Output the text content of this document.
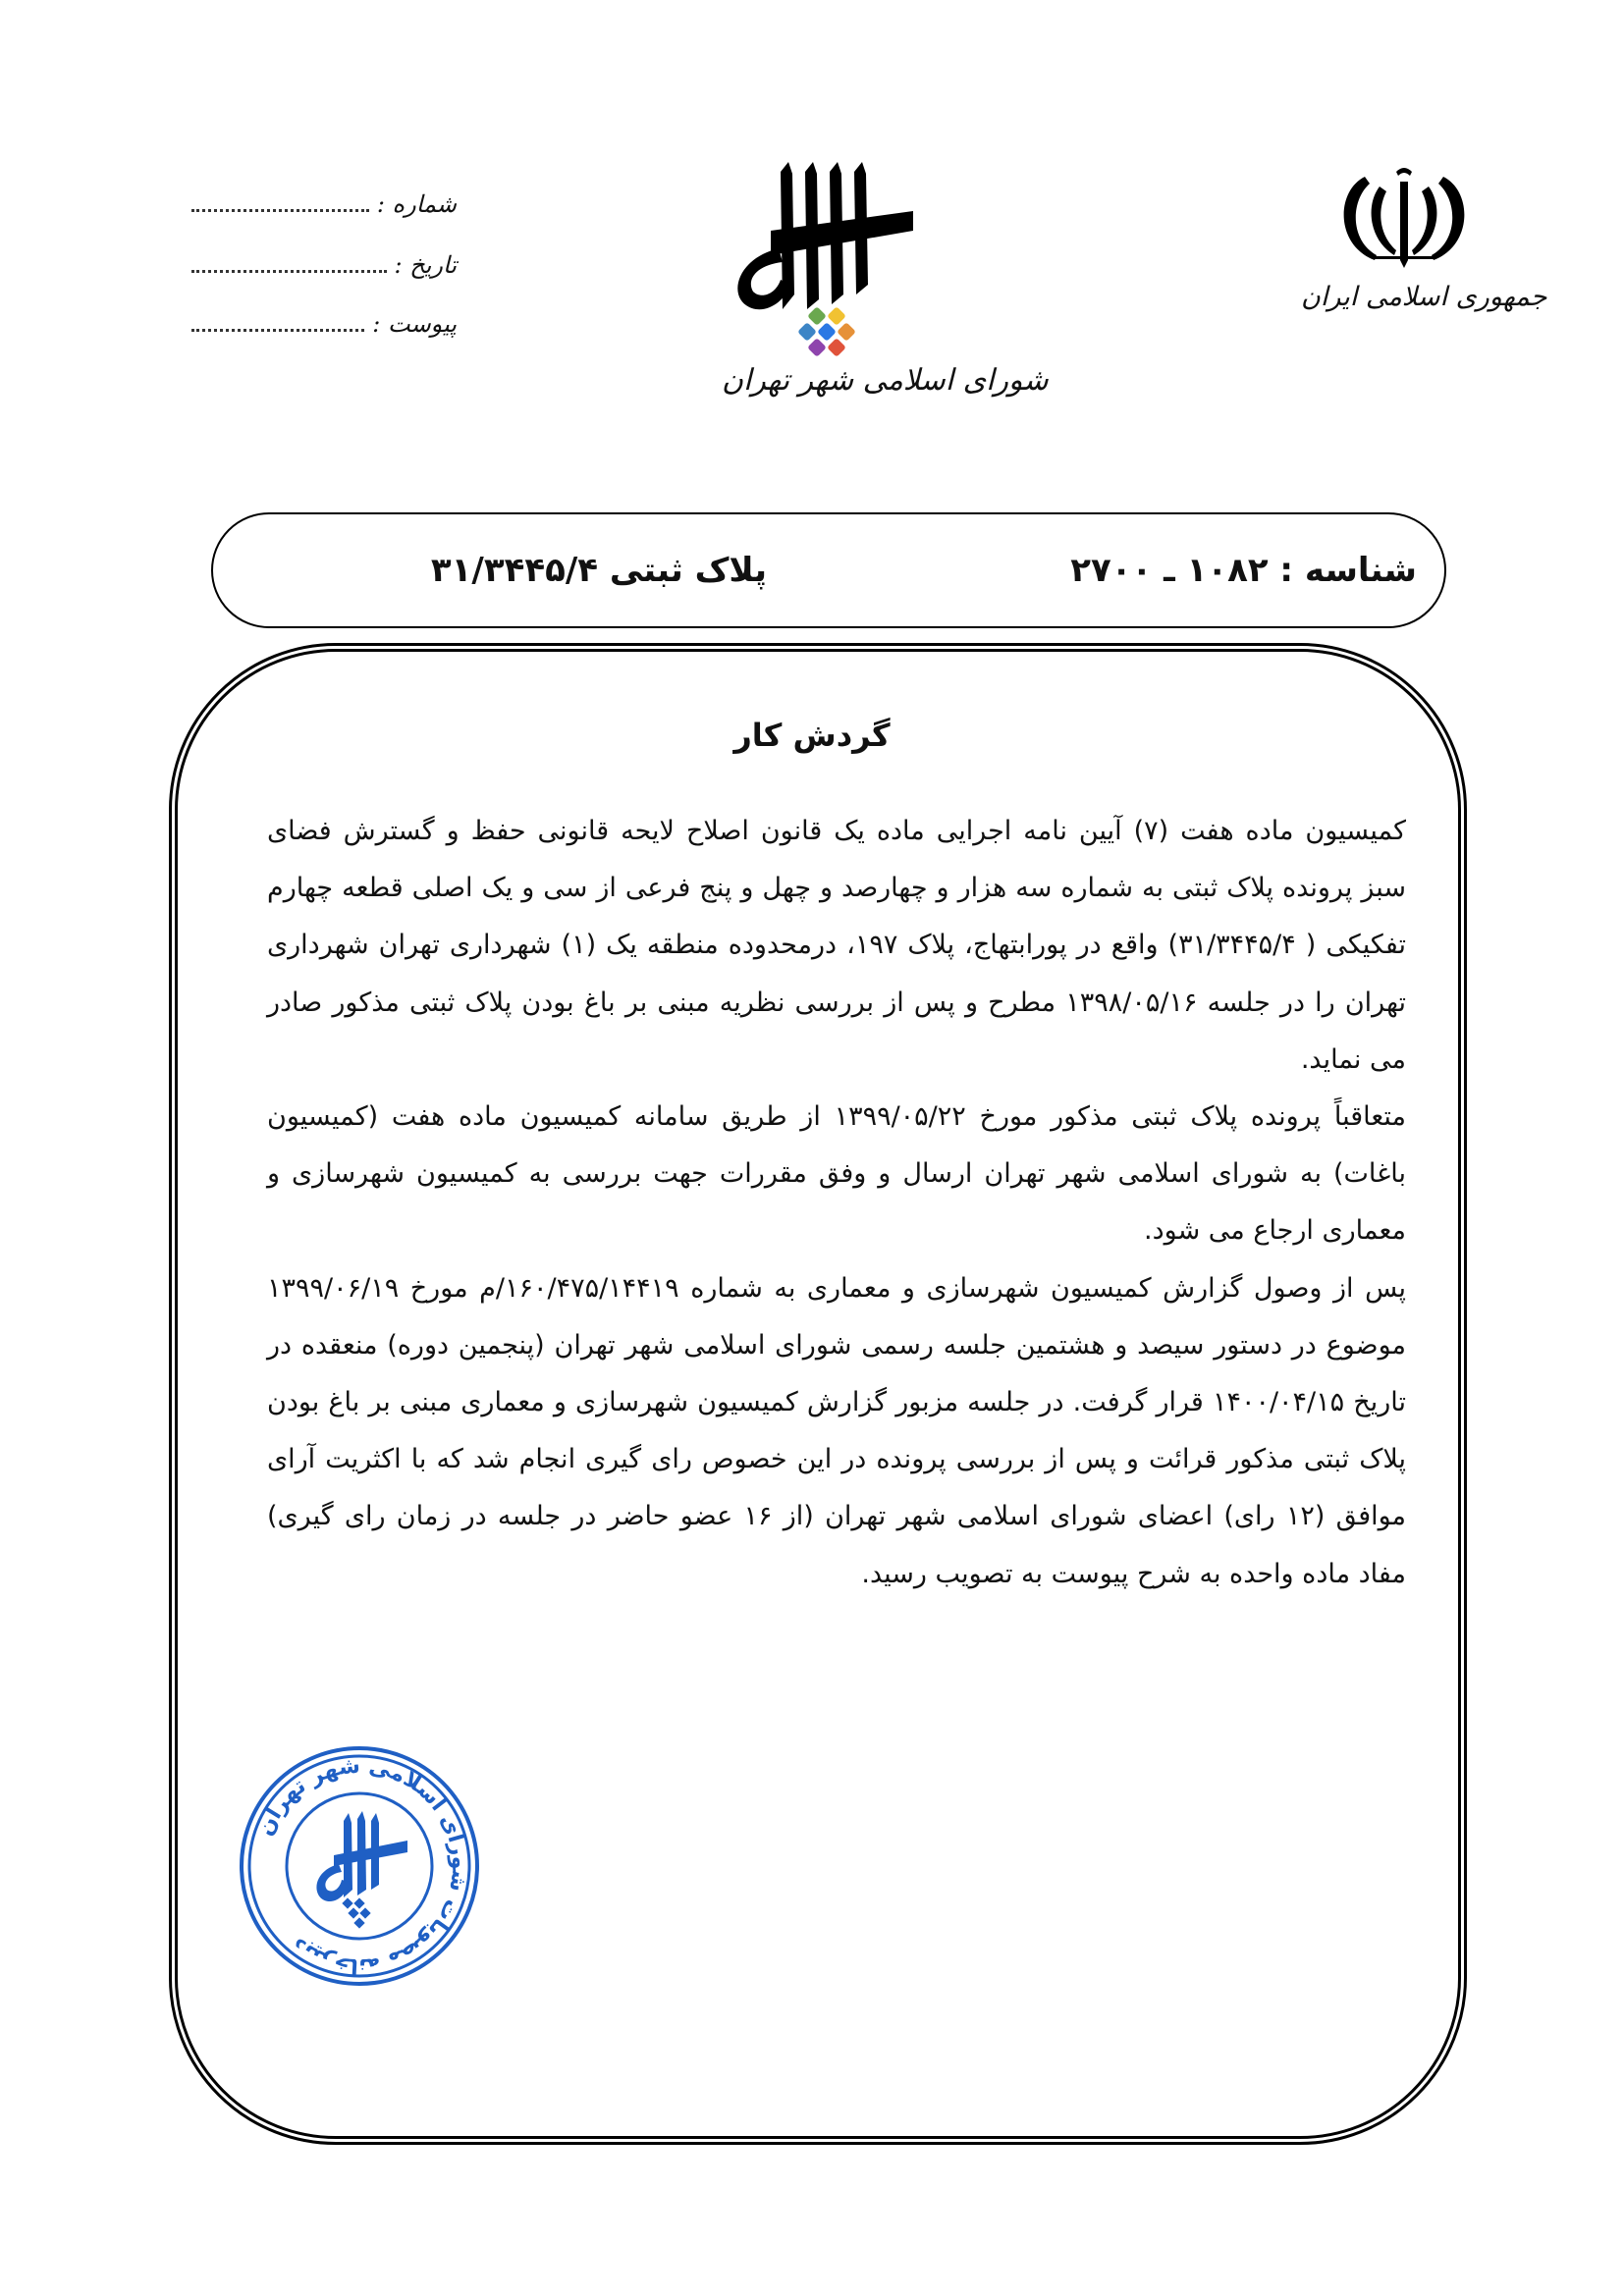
شماره :
تاریخ :
پیوست :
شورای اسلامی شهر تهران
جمهوری اسلامی ایران
شناسه : ۱۰۸۲ ـ ۲۷۰۰
پلاک ثبتی ۳۱/۳۴۴۵/۴
گردش کار

کمیسیون ماده هفت (۷) آیین نامه اجرایی ماده یک قانون اصلاح لایحه قانونی حفظ و گسترش فضای سبز پرونده پلاک ثبتی به شماره سه هزار و چهارصد و چهل و پنج فرعی از سی و یک اصلی قطعه چهارم تفکیکی ( ۳۱/۳۴۴۵/۴) واقع در پورابتهاج، پلاک ۱۹۷، درمحدوده منطقه یک (۱) شهرداری تهران شهرداری تهران را در جلسه ۱۳۹۸/۰۵/۱۶ مطرح و پس از بررسی نظریه مبنی بر باغ بودن پلاک ثبتی مذکور صادر می نماید.

متعاقباً پرونده پلاک ثبتی مذکور مورخ ۱۳۹۹/۰۵/۲۲ از طریق سامانه کمیسیون ماده هفت (کمیسیون باغات) به شورای اسلامی شهر تهران ارسال و وفق مقررات جهت بررسی به کمیسیون شهرسازی و معماری ارجاع می شود.

پس از وصول گزارش کمیسیون شهرسازی و معماری به شماره ۱۶۰/۴۷۵/۱۴۴۱۹/م مورخ ۱۳۹۹/۰۶/۱۹ موضوع در دستور سیصد و هشتمین جلسه رسمی شورای اسلامی شهر تهران (پنجمین دوره) منعقده در تاریخ ۱۴۰۰/۰۴/۱۵ قرار گرفت. در جلسه مزبور گزارش کمیسیون شهرسازی و معماری مبنی بر باغ بودن پلاک ثبتی مذکور قرائت و پس از بررسی پرونده در این خصوص رای گیری انجام شد که با اکثریت آرای موافق (۱۲ رای) اعضای شورای اسلامی شهر تهران (از ۱۶ عضو حاضر در جلسه در زمان رای گیری) مفاد ماده واحده به شرح پیوست به تصویب رسید.

دبیرخانه مصوبات شورای اسلامی شهر تهران
